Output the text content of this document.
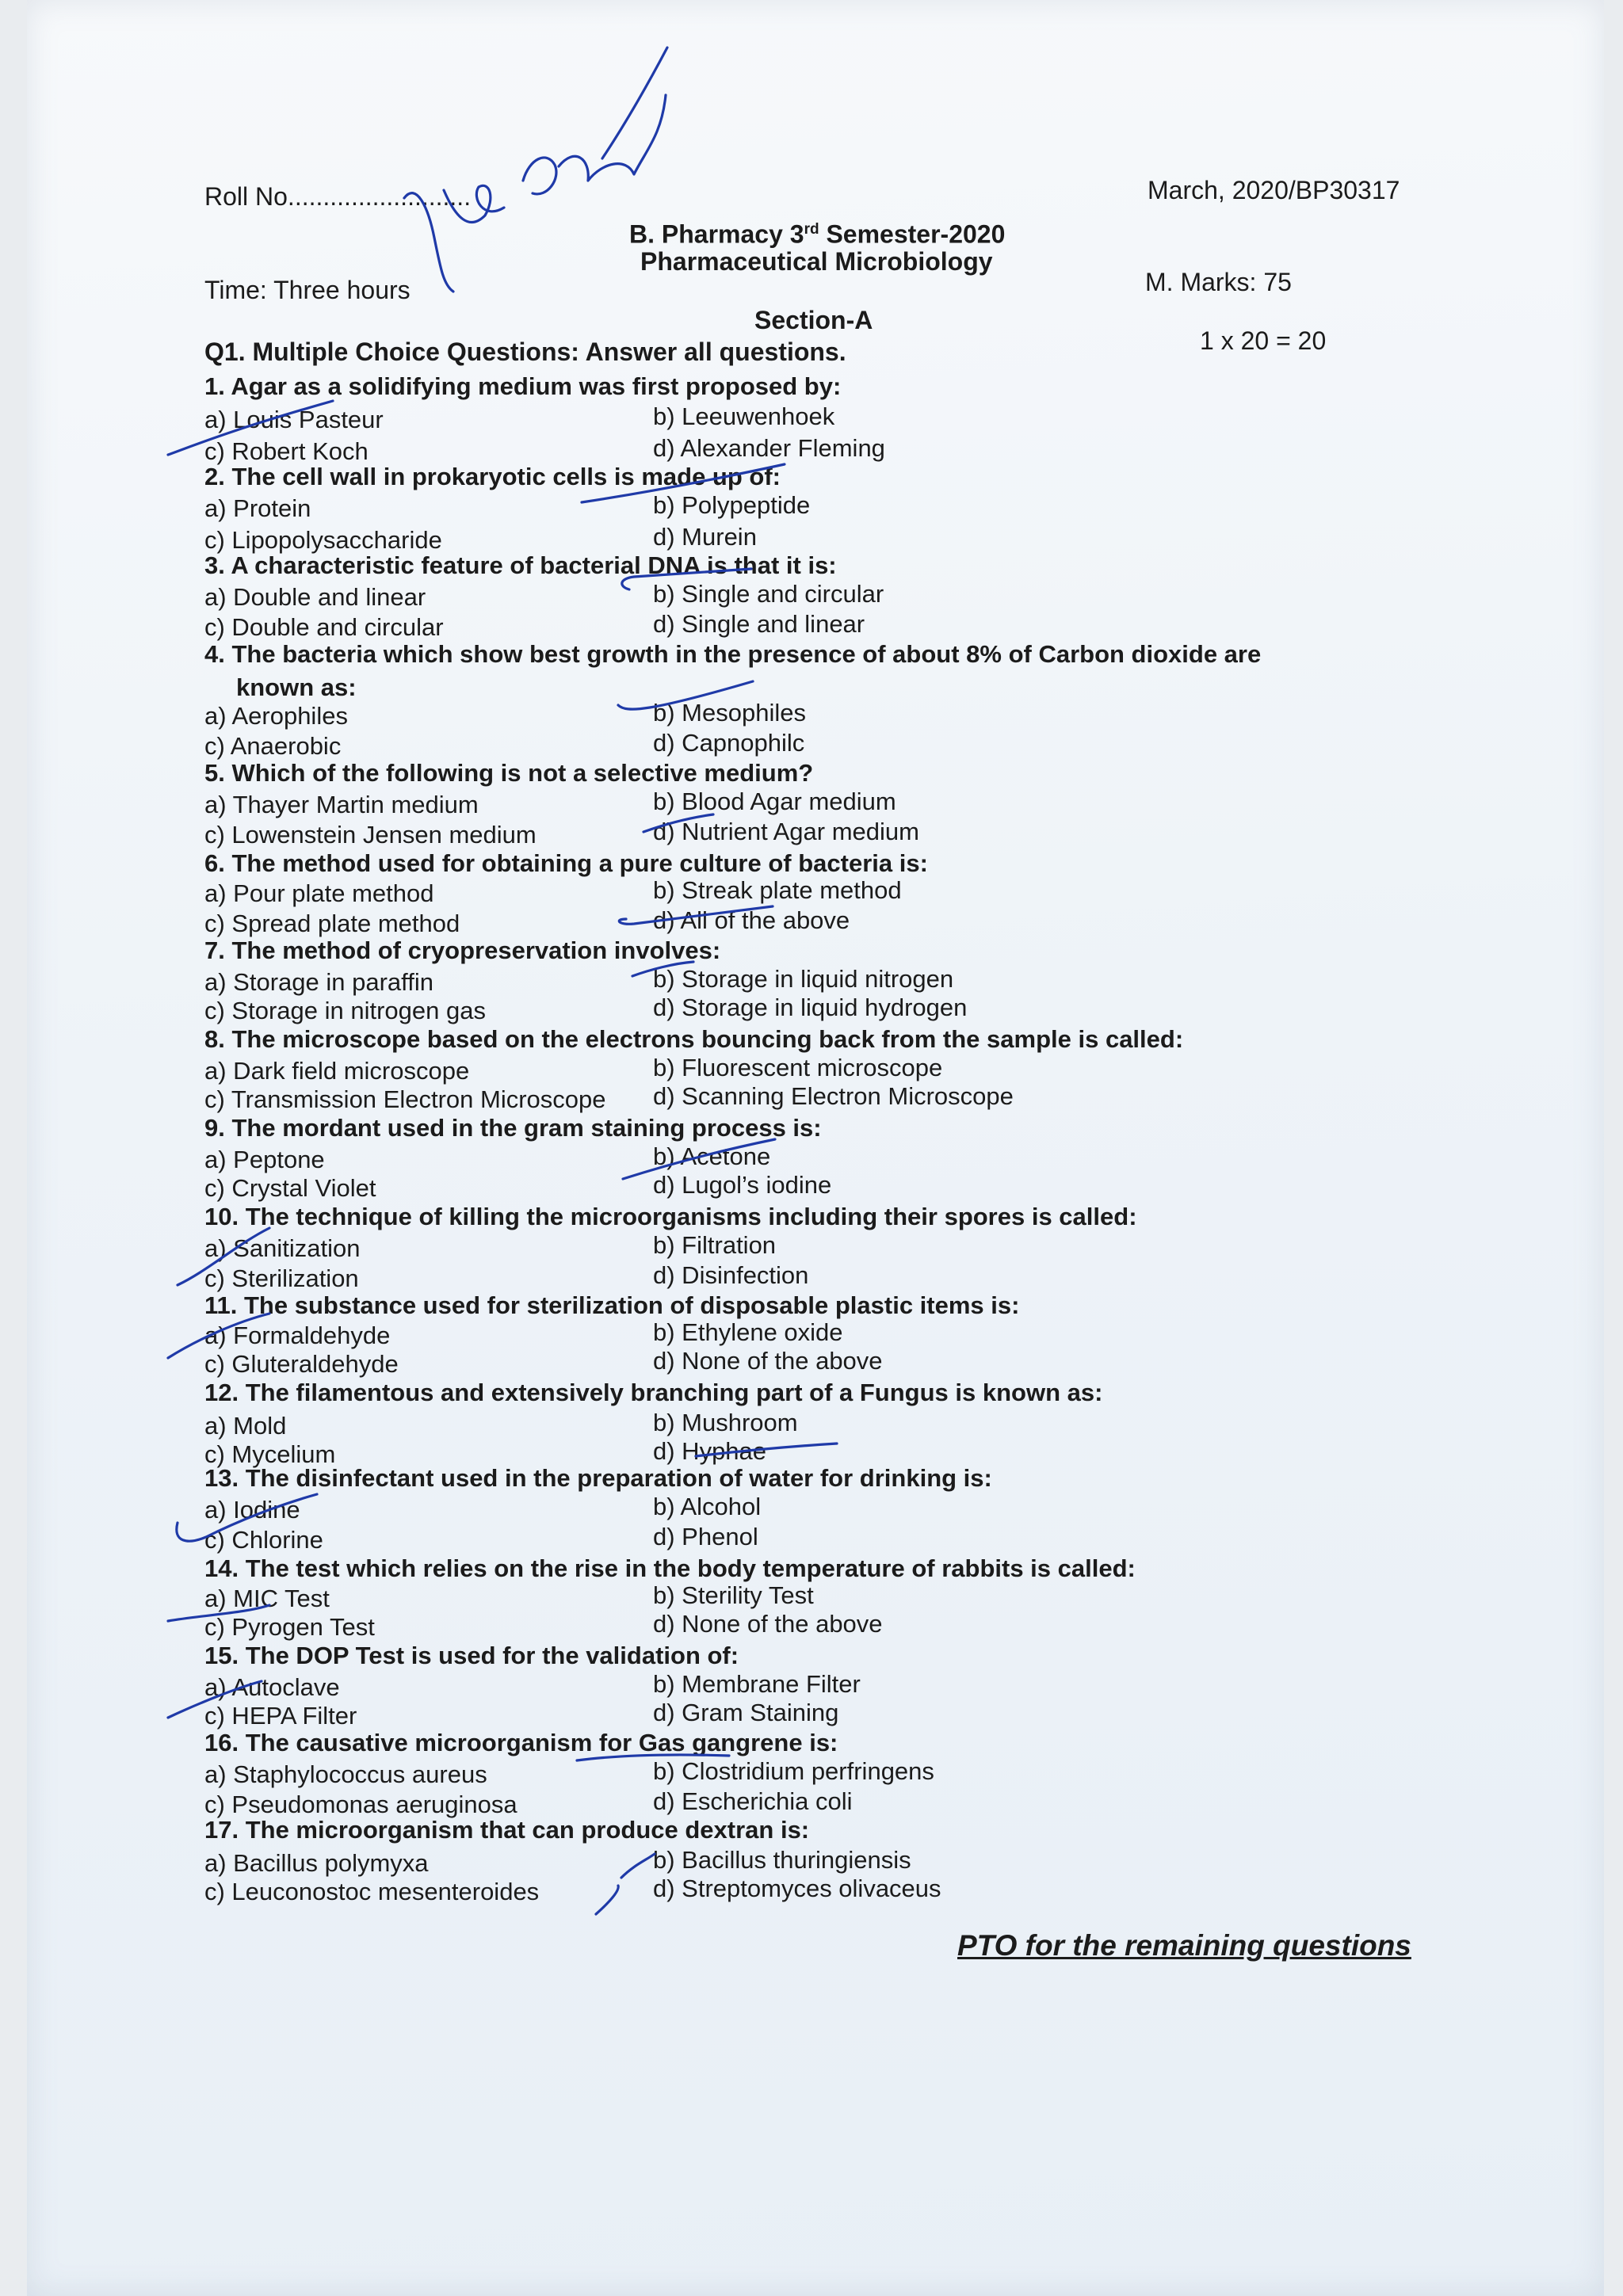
Roll No..........................	March, 2020/BP30317
B. Pharmacy 3rd Semester-2020
Pharmaceutical Microbiology
Time: Three hours	M. Marks: 75
Section-A
Q1. Multiple Choice Questions: Answer all questions.	1 x 20 = 20
1. Agar as a solidifying medium was first proposed by:
a) Louis Pasteur	b) Leeuwenhoek
c) Robert Koch	d) Alexander Fleming
2. The cell wall in prokaryotic cells is made up of:
a) Protein	b) Polypeptide
c) Lipopolysaccharide	d) Murein
3. A characteristic feature of bacterial DNA is that it is:
a) Double and linear	b) Single and circular
c) Double and circular	d) Single and linear
4. The bacteria which show best growth in the presence of about 8% of Carbon dioxide are
known as:
a) Aerophiles	b) Mesophiles
c) Anaerobic	d) Capnophilc
5. Which of the following is not a selective medium?
a) Thayer Martin medium	b) Blood Agar medium
c) Lowenstein Jensen medium	d) Nutrient Agar medium
6. The method used for obtaining a pure culture of bacteria is:
a) Pour plate method	b) Streak plate method
c) Spread plate method	d) All of the above
7. The method of cryopreservation involves:
a) Storage in paraffin	b) Storage in liquid nitrogen
c) Storage in nitrogen gas	d) Storage in liquid hydrogen
8. The microscope based on the electrons bouncing back from the sample is called:
a) Dark field microscope	b) Fluorescent microscope
c) Transmission Electron Microscope d) Scanning Electron Microscope
9. The mordant used in the gram staining process is:
a) Peptone	b) Acetone
c) Crystal Violet	d) Lugol’s iodine
10. The technique of killing the microorganisms including their spores is called:
a) Sanitization	b) Filtration
c) Sterilization	d) Disinfection
11. The substance used for sterilization of disposable plastic items is:
a) Formaldehyde	b) Ethylene oxide
c) Gluteraldehyde	d) None of the above
12. The filamentous and extensively branching part of a Fungus is known as:
a) Mold	b) Mushroom
c) Mycelium	d) Hyphae
13. The disinfectant used in the preparation of water for drinking is:
a) Iodine	b) Alcohol
c) Chlorine	d) Phenol
14. The test which relies on the rise in the body temperature of rabbits is called:
a) MIC Test	b) Sterility Test
c) Pyrogen Test	d) None of the above
15. The DOP Test is used for the validation of:
a) Autoclave	b) Membrane Filter
c) HEPA Filter	d) Gram Staining
16. The causative microorganism for Gas gangrene is:
a) Staphylococcus aureus	b) Clostridium perfringens
c) Pseudomonas aeruginosa	d) Escherichia coli
17. The microorganism that can produce dextran is:
a) Bacillus polymyxa	b) Bacillus thuringiensis
c) Leuconostoc mesenteroides	d) Streptomyces olivaceus
PTO for the remaining questions
